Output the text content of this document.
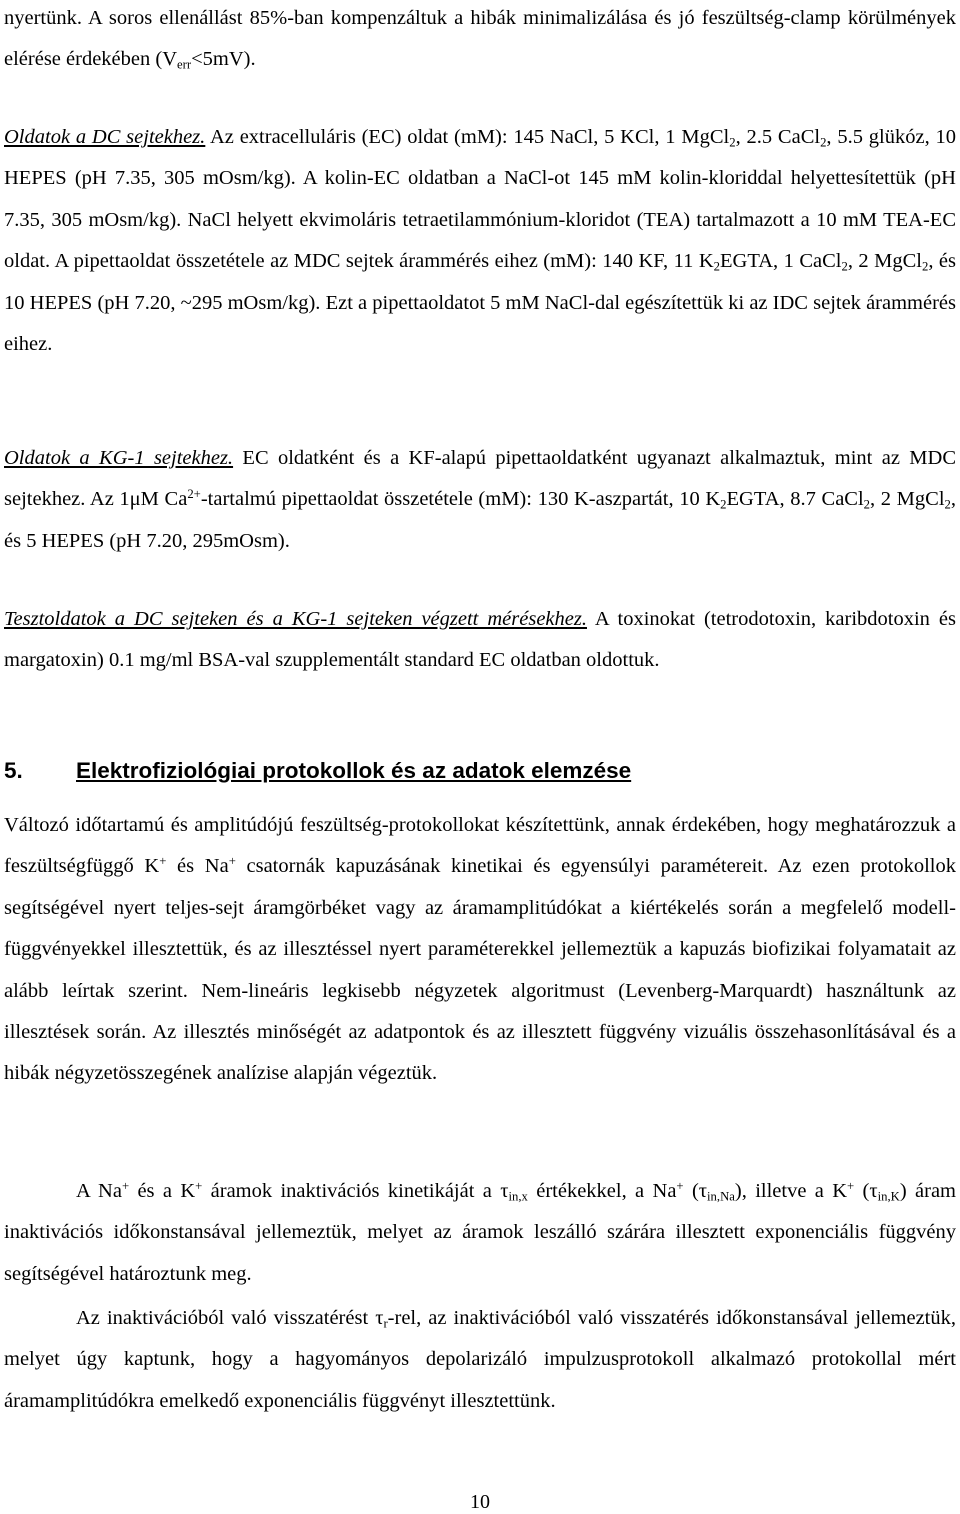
nyertünk. A soros ellenállást 85%-ban kompenzáltuk a hibák minimalizálása és jó feszültség-clamp körülmények elérése érdekében $(V_{err}<5mV)$.

Oldatok a DC sejtekhez. Az extracelluláris (EC) oldat (mM): 145 NaCl, 5 KCl, 1 MgCl$_2$, 2.5 CaCl$_2$, 5.5 glükóz, 10 HEPES (pH 7.35, 305 mOsm/kg). A kolin-EC oldatban a NaCl-ot 145 mM kolin-kloriddal helyettesítettük (pH 7.35, 305 mOsm/kg). NaCl helyett ekvimoláris tetraetilammónium-kloridot (TEA) tartalmazott a 10 mM TEA-EC oldat. A pipettaoldat összetétele az MDC sejtek árammérés eihez (mM): 140 KF, 11 $K_2EGTA$, 1 CaCl$_2$, 2 MgCl$_2$, és 10 HEPES (pH 7.20, ~295 mOsm/kg). Ezt a pipettaoldatot 5 mM NaCl-dal egészítettük ki az IDC sejtek árammérés eihez.

Oldatok a KG-1 sejtekhez. EC oldatként és a KF-alapú pipettaoldatként ugyanazt alkalmaztuk, mint az MDC sejtekhez. Az 1μM $Ca^{2+}$-tartalmú pipettaoldat összetétele (mM): 130 K-aszpartát, 10 $K_2EGTA$, 8.7 CaCl$_2$, 2 MgCl$_2$, és 5 HEPES (pH 7.20, 295mOsm).

Tesztoldatok a DC sejteken és a KG-1 sejteken végzett mérésekhez. A toxinokat (tetrodotoxin, karibdotoxin és margatoxin) 0.1 mg/ml BSA-val szupplementált standard EC oldatban oldottuk.

5. Elektrofiziológiai protokollok és az adatok elemzése

Változó időtartamú és amplitúdójú feszültség-protokollokat készítettünk, annak érdekében, hogy meghatározzuk a feszültségfüggő K+ és Na+ csatornák kapuzásának kinetikai és egyensúlyi paramétereit. Az ezen protokollok segítségével nyert teljes-sejt áramgörbéket vagy az áramamplitúdókat a kiértékelés során a megfelelő modell-függvényekkel illesztettük, és az illesztéssel nyert paraméterekkel jellemeztük a kapuzás biofizikai folyamatait az alább leírtak szerint. Nem-lineáris legkisebb négyzetek algoritmust (Levenberg-Marquardt) használtunk az illesztések során. Az illesztés minőségét az adatpontok és az illesztett függvény vizuális összehasonlításával és a hibák négyzetösszegének analízise alapján végeztük.

A Na+ és a K+ áramok inaktivációs kinetikáját a $\tau_{in,x}$ értékekkel, a Na+ $(\tau_{in,Na})$, illetve a K+ $(\tau_{in,K})$ áram inaktivációs időkonstansával jellemeztük, melyet az áramok leszálló szárára illesztett exponenciális függvény segítségével határoztunk meg.

Az inaktivációból való visszatérést $\tau_r$-rel, az inaktivációból való visszatérés időkonstansával jellemeztük, melyet úgy kaptunk, hogy a hagyományos depolarizáló impulzusprotokoll alkalmazó protokollal mért áramamplitúdókra emelkedő exponenciális függvényt illesztettünk.

10
